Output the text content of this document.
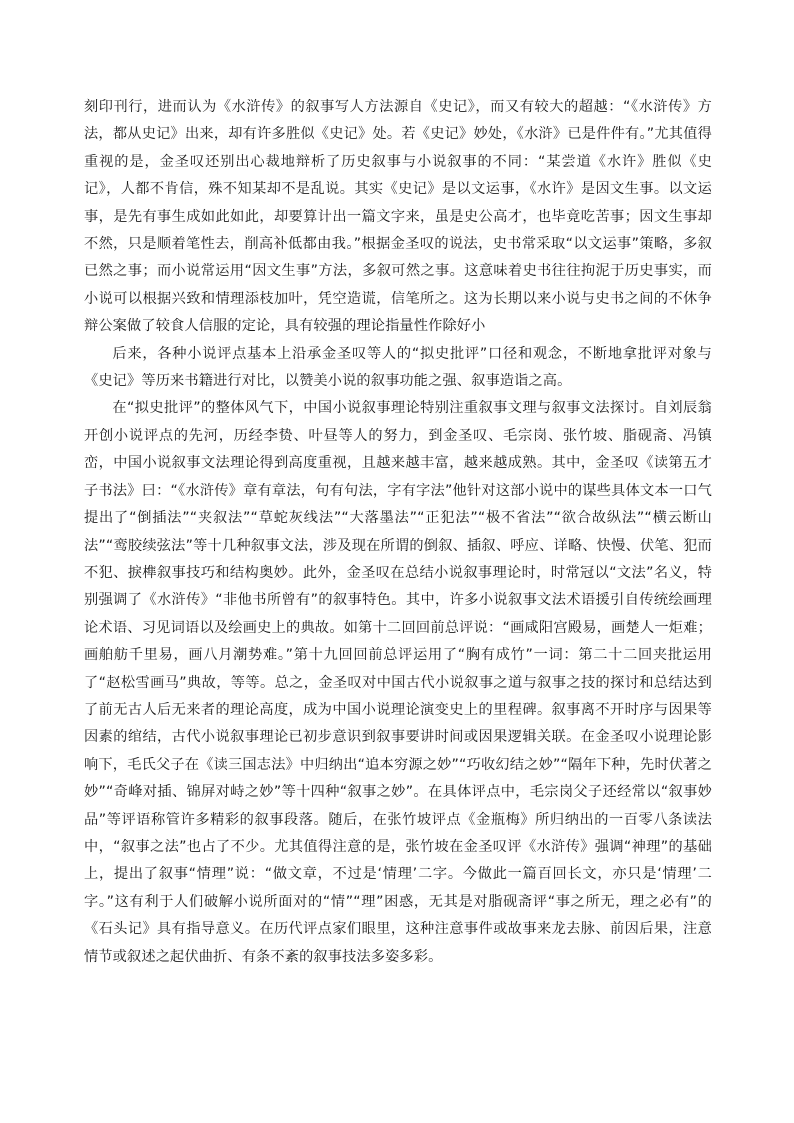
刻印刊行，进而认为《水浒传》的叙事写人方法源自《史记》，而又有较大的超越：“《水浒传》方法，都从史记》出来，却有许多胜似《史记》处。若《史记》妙处，《水浒》已是件件有。”尤其值得重视的是，金圣叹还别出心裁地辩析了历史叙事与小说叙事的不同：“某尝道《水许》胜似《史记》，人都不肯信，殊不知某却不是乱说。其实《史记》是以文运事，《水许》是因文生事。以文运事，是先有事生成如此如此，却要算计出一篇文字来，虽是史公高才，也毕竟吃苦事；因文生事却不然，只是顺着笔性去，削高补低都由我。”根据金圣叹的说法，史书常采取“以文运事”策略，多叙已然之事；而小说常运用“因文生事”方法，多叙可然之事。这意味着史书往往拘泥于历史事实，而小说可以根据兴致和情理添枝加叶，凭空造谎，信笔所之。这为长期以来小说与史书之间的不休争辩公案做了较食人信服的定论，具有较强的理论指量性作除好小

后来，各种小说评点基本上沿承金圣叹等人的“拟史批评”口径和观念，不断地拿批评对象与《史记》等历来书籍进行对比，以赞美小说的叙事功能之强、叙事造诣之高。

在“拟史批评”的整体风气下，中国小说叙事理论特别注重叙事文理与叙事文法探讨。自刘辰翁开创小说评点的先河，历经李贽、叶昼等人的努力，到金圣叹、毛宗岗、张竹坡、脂砚斋、冯镇峦，中国小说叙事文法理论得到高度重视，且越来越丰富，越来越成熟。其中，金圣叹《读第五才子书法》曰：“《水浒传》章有章法，句有句法，字有字法”他针对这部小说中的谋些具体文本一口气提出了“倒插法”“夹叙法”“草蛇灰线法”“大落墨法”“正犯法”“极不省法”“欲合故纵法”“横云断山法”“鸾胶续弦法”等十几种叙事文法，涉及现在所谓的倒叙、插叙、呼应、详略、快慢、伏笔、犯而不犯、捩榫叙事技巧和结构奥妙。此外，金圣叹在总结小说叙事理论时，时常冠以“文法”名义，特别强调了《水浒传》“非他书所曾有”的叙事特色。其中，许多小说叙事文法术语援引自传统绘画理论术语、习见词语以及绘画史上的典故。如第十二回回前总评说：“画咸阳宫殿易，画楚人一炬难；画舶舫千里易，画八月潮势难。”第十九回回前总评运用了“胸有成竹”一词：第二十二回夹批运用了“赵松雪画马”典故，等等。总之，金圣叹对中国古代小说叙事之道与叙事之技的探讨和总结达到了前无古人后无来者的理论高度，成为中国小说理论演变史上的里程碑。叙事离不开时序与因果等因素的绾结，古代小说叙事理论已初步意识到叙事要讲时间或因果逻辑关联。在金圣叹小说理论影响下，毛氏父子在《读三国志法》中归纳出“追本穷源之妙”“巧收幻结之妙”“隔年下种，先时伏著之妙”“奇峰对插、锦屏对峙之妙”等十四种“叙事之妙”。在具体评点中，毛宗岗父子还经常以“叙事妙品”等评语称管许多精彩的叙事段落。随后，在张竹坡评点《金瓶梅》所归纳出的一百零八条读法中，“叙事之法”也占了不少。尤其值得注意的是，张竹坡在金圣叹评《水浒传》强调“神理”的基础上，提出了叙事“情理”说：“做文章，不过是‘情理’二字。今做此一篇百回长文，亦只是‘情理’二字。”这有利于人们破解小说所面对的“情”“理”困惑，无其是对脂砚斋评“事之所无，理之必有”的《石头记》具有指导意义。在历代评点家们眼里，这种注意事件或故事来龙去脉、前因后果，注意情节或叙述之起伏曲折、有条不紊的叙事技法多姿多彩。
